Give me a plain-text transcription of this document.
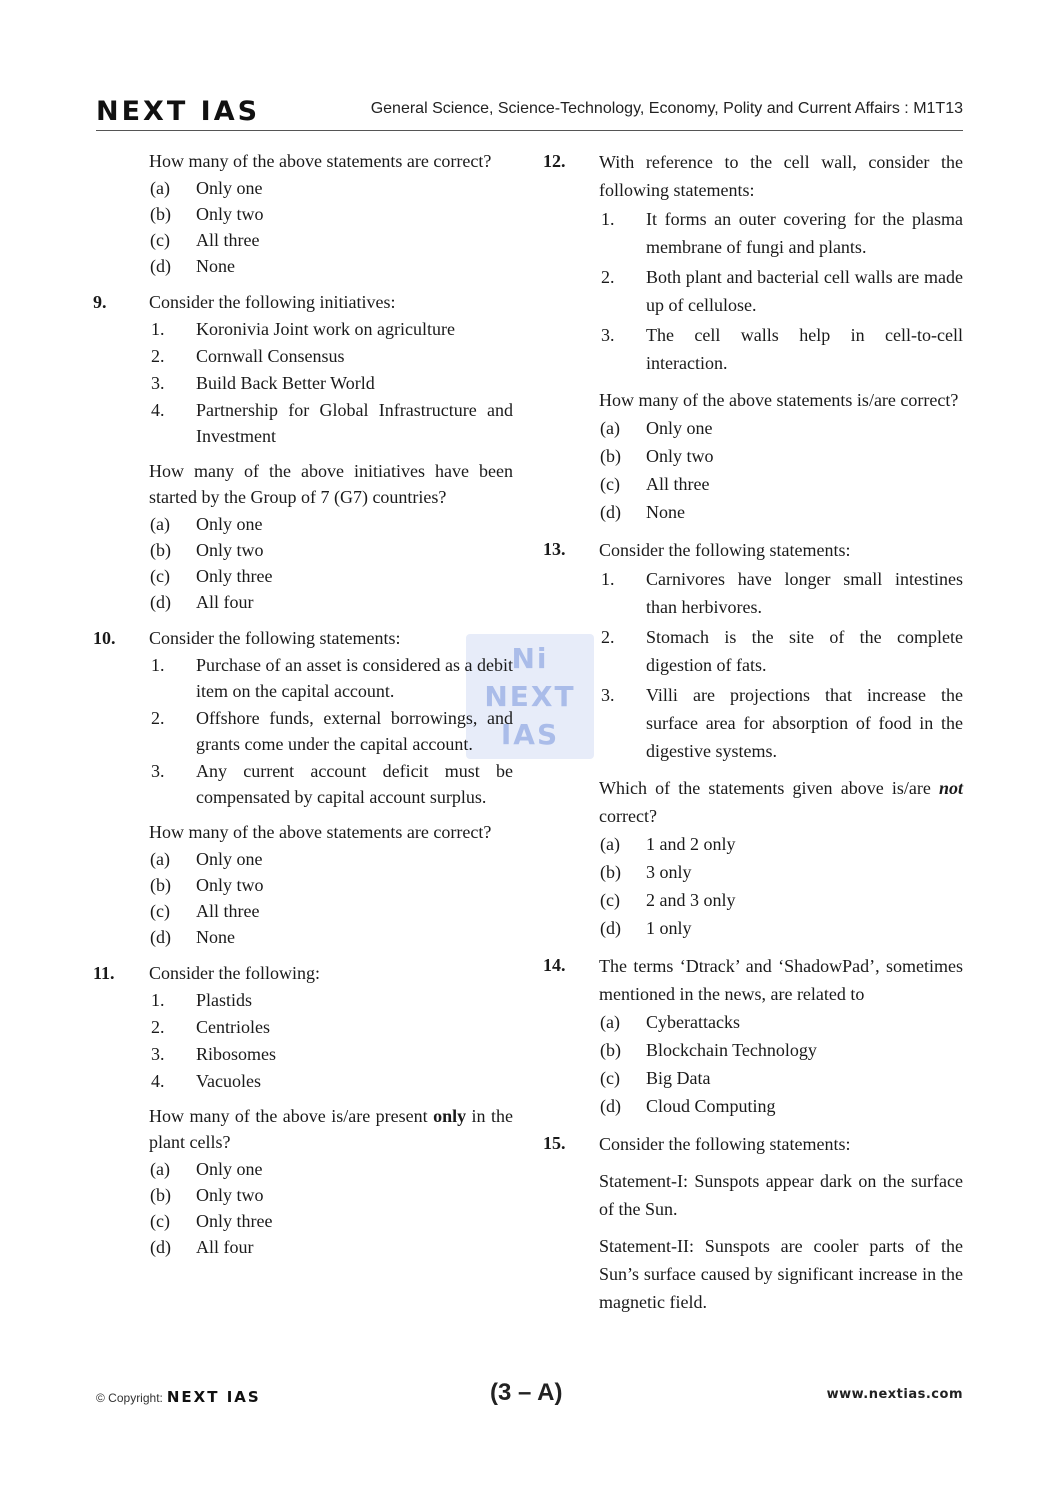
NEXT IAS	General Science, Science-Technology, Economy, Polity and Current Affairs : M1T13
Ni
NEXT
IAS
How many of the above statements are correct?
(a) Only one
(b) Only two
(c) All three
(d) None
9. Consider the following initiatives:
1. Koronivia Joint work on agriculture
2. Cornwall Consensus
3. Build Back Better World
4. Partnership for Global Infrastructure and Investment
How many of the above initiatives have been started by the Group of 7 (G7) countries?
(a) Only one
(b) Only two
(c) Only three
(d) All four
10. Consider the following statements:
1. Purchase of an asset is considered as a debit item on the capital account.
2. Offshore funds, external borrowings, and grants come under the capital account.
3. Any current account deficit must be compensated by capital account surplus.
How many of the above statements are correct?
(a) Only one
(b) Only two
(c) All three
(d) None
11. Consider the following:
1. Plastids
2. Centrioles
3. Ribosomes
4. Vacuoles
How many of the above is/are present only in the plant cells?
(a) Only one
(b) Only two
(c) Only three
(d) All four
12. With reference to the cell wall, consider the following statements:
1. It forms an outer covering for the plasma membrane of fungi and plants.
2. Both plant and bacterial cell walls are made up of cellulose.
3. The cell walls help in cell-to-cell interaction.
How many of the above statements is/are correct?
(a) Only one
(b) Only two
(c) All three
(d) None
13. Consider the following statements:
1. Carnivores have longer small intestines than herbivores.
2. Stomach is the site of the complete digestion of fats.
3. Villi are projections that increase the surface area for absorption of food in the digestive systems.
Which of the statements given above is/are not correct?
(a) 1 and 2 only
(b) 3 only
(c) 2 and 3 only
(d) 1 only
14. The terms ‘Dtrack’ and ‘ShadowPad’, sometimes mentioned in the news, are related to
(a) Cyberattacks
(b) Blockchain Technology
(c) Big Data
(d) Cloud Computing
15. Consider the following statements:
Statement-I: Sunspots appear dark on the surface of the Sun.
Statement-II: Sunspots are cooler parts of the Sun’s surface caused by significant increase in the magnetic field.
© Copyright: NEXT IAS	(3 – A)	www.nextias.com
